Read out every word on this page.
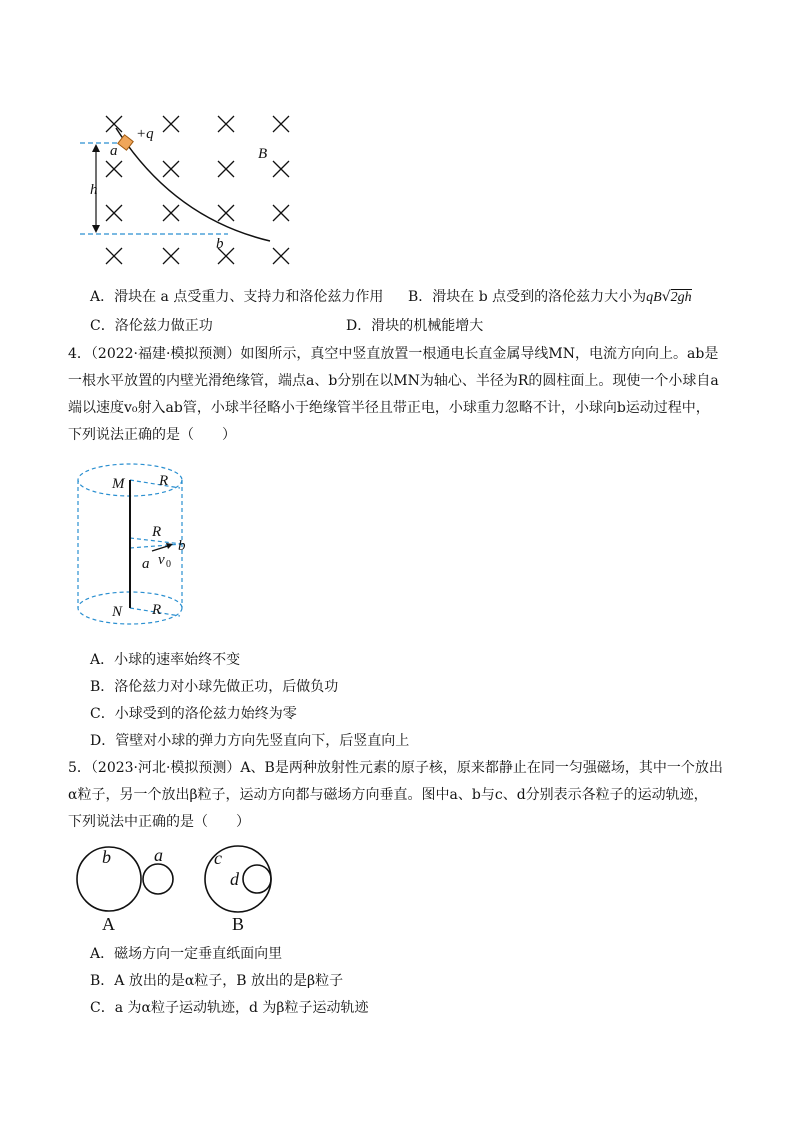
+q
a	B
h
b
A．滑块在 a 点受重力、支持力和洛伦兹力作用 B．滑块在 b 点受到的洛伦兹力大小为qB√2gh
C．洛伦兹力做正功	D．滑块的机械能增大
4．（2022·福建·模拟预测）如图所示，真空中竖直放置一根通电长直金属导线MN，电流方向向上。ab是
一根水平放置的内壁光滑绝缘管，端点a、b分别在以MN为轴心、半径为R的圆柱面上。现使一个小球自a
端以速度v₀射入ab管，小球半径略小于绝缘管半径且带正电，小球重力忽略不计，小球向b运动过程中，
下列说法正确的是（　　）
M R
R
b
a v 0
N R
A．小球的速率始终不变
B．洛伦兹力对小球先做正功，后做负功
C．小球受到的洛伦兹力始终为零
D．管壁对小球的弹力方向先竖直向下，后竖直向上
5．（2023·河北·模拟预测）A、B是两种放射性元素的原子核，原来都静止在同一匀强磁场，其中一个放出
α粒子，另一个放出β粒子，运动方向都与磁场方向垂直。图中a、b与c、d分别表示各粒子的运动轨迹，
下列说法中正确的是（　　）
b a
A
c
d
B
A．磁场方向一定垂直纸面向里
B．A 放出的是α粒子，B 放出的是β粒子
C．a 为α粒子运动轨迹，d 为β粒子运动轨迹
